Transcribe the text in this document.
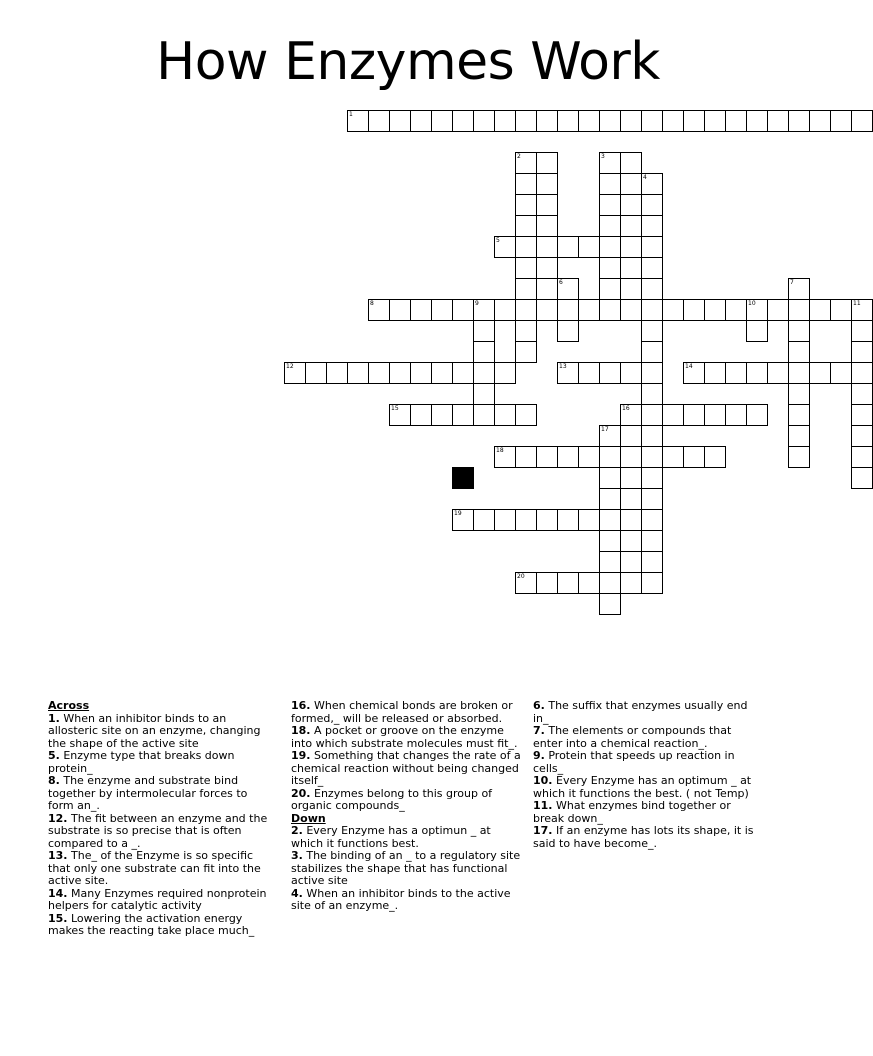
How Enzymes Work
1
2	3
4
5
6	7
8	9	10	11
12	13	14
15	16
17
18
19
20
Across

1. When an inhibitor binds to an allosteric site on an enzyme, changing the shape of the active site

5. Enzyme type that breaks down protein_

8. The enzyme and substrate bind together by intermolecular forces to form an_.

12. The fit between an enzyme and the substrate is so precise that is often compared to a _.

13. The_ of the Enzyme is so specific that only one substrate can fit into the active site.

14. Many Enzymes required nonprotein helpers for catalytic activity

15. Lowering the activation energy makes the reacting take place much_

16. When chemical bonds are broken or formed,_ will be released or absorbed.

18. A pocket or groove on the enzyme into which substrate molecules must fit_.

19. Something that changes the rate of a chemical reaction without being changed itself_

20. Enzymes belong to this group of organic compounds_

Down

2. Every Enzyme has a optimun _ at which it functions best.

3. The binding of an _ to a regulatory site stabilizes the shape that has functional active site

4. When an inhibitor binds to the active site of an enzyme_.

6. The suffix that enzymes usually end in_

7. The elements or compounds that enter into a chemical reaction_.

9. Protein that speeds up reaction in cells_

10. Every Enzyme has an optimum _ at which it functions the best. ( not Temp)

11. What enzymes bind together or break down_

17. If an enzyme has lots its shape, it is said to have become_.
